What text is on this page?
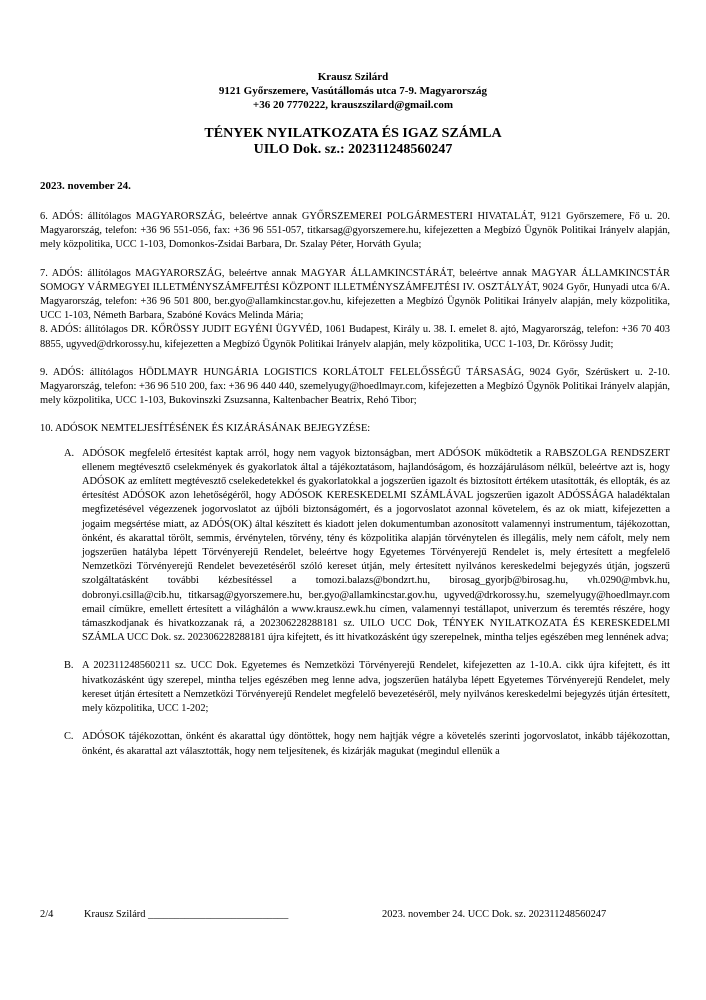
Krausz Szilárd
9121 Győrszemere, Vasútállomás utca 7-9. Magyarország
+36 20 7770222, krauszszilard@gmail.com
TÉNYEK NYILATKOZATA ÉS IGAZ SZÁMLA
UILO Dok. sz.: 202311248560247
2023. november 24.

6. ADÓS: állítólagos MAGYARORSZÁG, beleértve annak GYŐRSZEMEREI POLGÁRMESTERI HIVATALÁT, 9121 Győrszemere, Fő u. 20. Magyarország, telefon: +36 96 551-056, fax: +36 96 551-057, titkarsag@gyorszemere.hu, kifejezetten a Megbízó Ügynök Politikai Irányelv alapján, mely közpolitika, UCC 1-103, Domonkos-Zsidai Barbara, Dr. Szalay Péter, Horváth Gyula;

7. ADÓS: állítólagos MAGYARORSZÁG, beleértve annak MAGYAR ÁLLAMKINCSTÁRÁT, beleértve annak MAGYAR ÁLLAMKINCSTÁR SOMOGY VÁRMEGYEI ILLETMÉNYSZÁMFEJTÉSI KÖZPONT ILLETMÉNYSZÁMFEJTÉSI IV. OSZTÁLYÁT, 9024 Győr, Hunyadi utca 6/A. Magyarország, telefon: +36 96 501 800, ber.gyo@allamkincstar.gov.hu, kifejezetten a Megbízó Ügynök Politikai Irányelv alapján, mely közpolitika, UCC 1-103, Németh Barbara, Szabóné Kovács Melinda Mária;

8. ADÓS: állítólagos DR. KŐRÖSSY JUDIT EGYÉNI ÜGYVÉD, 1061 Budapest, Király u. 38. I. emelet 8. ajtó, Magyarország, telefon: +36 70 403 8855, ugyved@drkorossy.hu, kifejezetten a Megbízó Ügynök Politikai Irányelv alapján, mely közpolitika, UCC 1-103, Dr. Kőrössy Judit;

9. ADÓS: állítólagos HÖDLMAYR HUNGÁRIA LOGISTICS KORLÁTOLT FELELŐSSÉGŰ TÁRSASÁG, 9024 Győr, Szérűskert u. 2-10. Magyarország, telefon: +36 96 510 200, fax: +36 96 440 440, szemelyugy@hoedlmayr.com, kifejezetten a Megbízó Ügynök Politikai Irányelv alapján, mely közpolitika, UCC 1-103, Bukovinszki Zsuzsanna, Kaltenbacher Beatrix, Rehó Tibor;

10. ADÓSOK NEMTELJESÍTÉSÉNEK ÉS KIZÁRÁSÁNAK BEJEGYZÉSE:

A. ADÓSOK megfelelő értesítést kaptak arról, hogy nem vagyok biztonságban, mert ADÓSOK működtetik a RABSZOLGA RENDSZERT ellenem megtévesztő cselekmények és gyakorlatok által a tájékoztatásom, hajlandóságom, és hozzájárulásom nélkül, beleértve azt is, hogy ADÓSOK az említett megtévesztő cselekedetekkel és gyakorlatokkal a jogszerűen igazolt és biztosított értékem utasították, és ellopták, és az értesítést ADÓSOK azon lehetőségéről, hogy ADÓSOK KERESKEDELMI SZÁMLÁVAL jogszerűen igazolt ADÓSSÁGA haladéktalan megfizetésével végezzenek jogorvoslatot az újbóli biztonságomért, és a jogorvoslatot azonnal követelem, és az ok miatt, kifejezetten a jogaim megsértése miatt, az ADÓS(OK) által készített és kiadott jelen dokumentumban azonosított valamennyi instrumentum, tájékozottan, önként, és akarattal törölt, semmis, érvénytelen, törvény, tény és közpolitika alapján törvénytelen és illegális, mely nem cáfolt, mely nem jogszerűen hatályba lépett Törvényerejű Rendelet, beleértve hogy Egyetemes Törvényerejű Rendelet is, mely értesített a megfelelő Nemzetközi Törvényerejű Rendelet bevezetéséről szóló kereset útján, mely értesített nyilvános kereskedelmi bejegyzés útján, jogszerű szolgáltatásként további kézbesítéssel a tomozi.balazs@bondzrt.hu, birosag_gyorjb@birosag.hu, vh.0290@mbvk.hu, dobronyi.csilla@cib.hu, titkarsag@gyorszemere.hu, ber.gyo@allamkincstar.gov.hu, ugyved@drkorossy.hu, szemelyugy@hoedlmayr.com email címükre, emellett értesített a világhálón a www.krausz.ewk.hu címen, valamennyi testállapot, univerzum és teremtés részére, hogy támaszkodjanak és hivatkozzanak rá, a 202306228288181 sz. UILO UCC Dok, TÉNYEK NYILATKOZATA ÉS KERESKEDELMI SZÁMLA UCC Dok. sz. 202306228288181 újra kifejtett, és itt hivatkozásként úgy szerepelnek, mintha teljes egészében meg lennének adva;
B. A 202311248560211 sz. UCC Dok. Egyetemes és Nemzetközi Törvényerejű Rendelet, kifejezetten az 1-10.A. cikk újra kifejtett, és itt hivatkozásként úgy szerepel, mintha teljes egészében meg lenne adva, jogszerűen hatályba lépett Egyetemes Törvényerejű Rendelet, mely kereset útján értesített a Nemzetközi Törvényerejű Rendelet megfelelő bevezetéséről, mely nyilvános kereskedelmi bejegyzés útján értesített, mely közpolitika, UCC 1-202;
C. ADÓSOK tájékozottan, önként és akarattal úgy döntöttek, hogy nem hajtják végre a követelés szerinti jogorvoslatot, inkább tájékozottan, önként, és akarattal azt választották, hogy nem teljesítenek, és kizárják magukat (megindul ellenük a
2/4	Krausz Szilárd ___________________________	2023. november 24. UCC Dok. sz. 202311248560247
